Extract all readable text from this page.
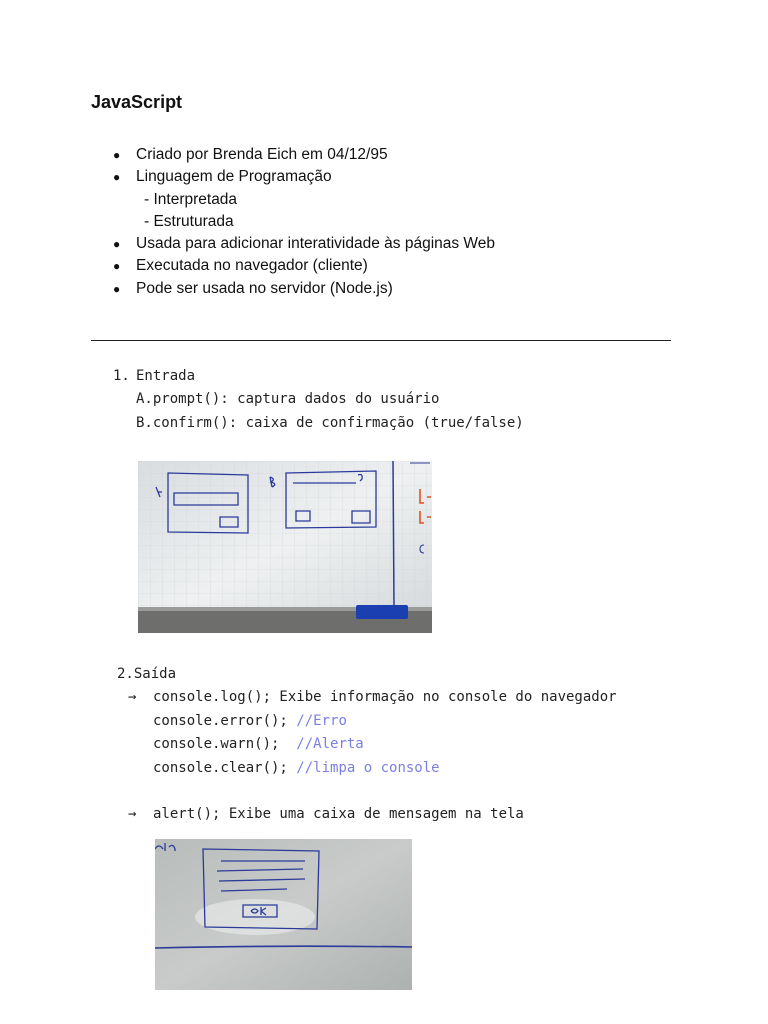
JavaScript
● Criado por Brenda Eich em 04/12/95
● Linguagem de Programação
- Interpretada
- Estruturada
● Usada para adicionar interatividade às páginas Web
● Executada no navegador (cliente)
● Pode ser usada no servidor (Node.js)
1. Entrada
A.prompt(): captura dados do usuário
B.confirm(): caixa de confirmação (true/false)
2.Saída
→ console.log(); Exibe informação no console do navegador
console.error(); //Erro
console.warn();  //Alerta
console.clear(); //limpa o console
→ alert(); Exibe uma caixa de mensagem na tela
